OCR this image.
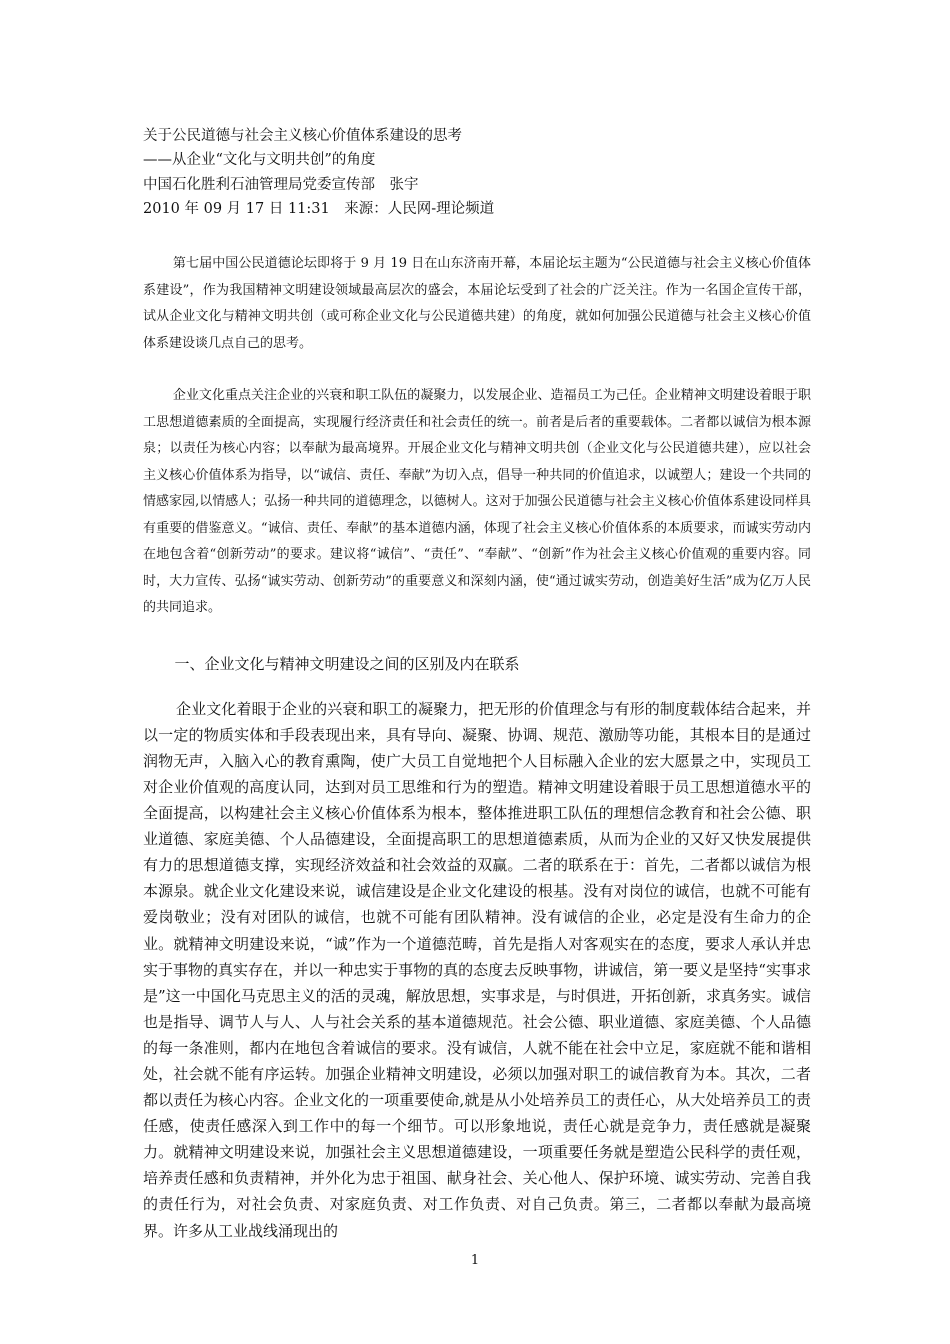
关于公民道德与社会主义核心价值体系建设的思考

——从企业“文化与文明共创”的角度

中国石化胜利石油管理局党委宣传部　张宇

2010 年 09 月 17 日 11:31　来源：人民网-理论频道

第七届中国公民道德论坛即将于 9 月 19 日在山东济南开幕，本届论坛主题为“公民道德与社会主义核心价值体系建设”，作为我国精神文明建设领域最高层次的盛会，本届论坛受到了社会的广泛关注。作为一名国企宣传干部，试从企业文化与精神文明共创（或可称企业文化与公民道德共建）的角度，就如何加强公民道德与社会主义核心价值体系建设谈几点自己的思考。

企业文化重点关注企业的兴衰和职工队伍的凝聚力，以发展企业、造福员工为己任。企业精神文明建设着眼于职工思想道德素质的全面提高，实现履行经济责任和社会责任的统一。前者是后者的重要载体。二者都以诚信为根本源泉；以责任为核心内容；以奉献为最高境界。开展企业文化与精神文明共创（企业文化与公民道德共建），应以社会主义核心价值体系为指导，以“诚信、责任、奉献”为切入点，倡导一种共同的价值追求，以诚塑人；建设一个共同的情感家园,以情感人；弘扬一种共同的道德理念，以德树人。这对于加强公民道德与社会主义核心价值体系建设同样具有重要的借鉴意义。“诚信、责任、奉献”的基本道德内涵，体现了社会主义核心价值体系的本质要求，而诚实劳动内在地包含着“创新劳动”的要求。建议将“诚信”、“责任”、“奉献”、“创新”作为社会主义核心价值观的重要内容。同时，大力宣传、弘扬“诚实劳动、创新劳动”的重要意义和深刻内涵，使“通过诚实劳动，创造美好生活”成为亿万人民的共同追求。

一、企业文化与精神文明建设之间的区别及内在联系

企业文化着眼于企业的兴衰和职工的凝聚力，把无形的价值理念与有形的制度载体结合起来，并以一定的物质实体和手段表现出来，具有导向、凝聚、协调、规范、激励等功能，其根本目的是通过润物无声，入脑入心的教育熏陶，使广大员工自觉地把个人目标融入企业的宏大愿景之中，实现员工对企业价值观的高度认同，达到对员工思维和行为的塑造。精神文明建设着眼于员工思想道德水平的全面提高，以构建社会主义核心价值体系为根本，整体推进职工队伍的理想信念教育和社会公德、职业道德、家庭美德、个人品德建设，全面提高职工的思想道德素质，从而为企业的又好又快发展提供有力的思想道德支撑，实现经济效益和社会效益的双赢。二者的联系在于：首先，二者都以诚信为根本源泉。就企业文化建设来说，诚信建设是企业文化建设的根基。没有对岗位的诚信，也就不可能有爱岗敬业；没有对团队的诚信，也就不可能有团队精神。没有诚信的企业，必定是没有生命力的企业。就精神文明建设来说，“诚”作为一个道德范畴，首先是指人对客观实在的态度，要求人承认并忠实于事物的真实存在，并以一种忠实于事物的真的态度去反映事物，讲诚信，第一要义是坚持“实事求是”这一中国化马克思主义的活的灵魂，解放思想，实事求是，与时俱进，开拓创新，求真务实。诚信也是指导、调节人与人、人与社会关系的基本道德规范。社会公德、职业道德、家庭美德、个人品德的每一条准则，都内在地包含着诚信的要求。没有诚信，人就不能在社会中立足，家庭就不能和谐相处，社会就不能有序运转。加强企业精神文明建设，必须以加强对职工的诚信教育为本。其次，二者都以责任为核心内容。企业文化的一项重要使命,就是从小处培养员工的责任心，从大处培养员工的责任感，使责任感深入到工作中的每一个细节。可以形象地说，责任心就是竞争力，责任感就是凝聚力。就精神文明建设来说，加强社会主义思想道德建设，一项重要任务就是塑造公民科学的责任观，培养责任感和负责精神，并外化为忠于祖国、献身社会、关心他人、保护环境、诚实劳动、完善自我的责任行为，对社会负责、对家庭负责、对工作负责、对自己负责。第三，二者都以奉献为最高境界。许多从工业战线涌现出的

1
